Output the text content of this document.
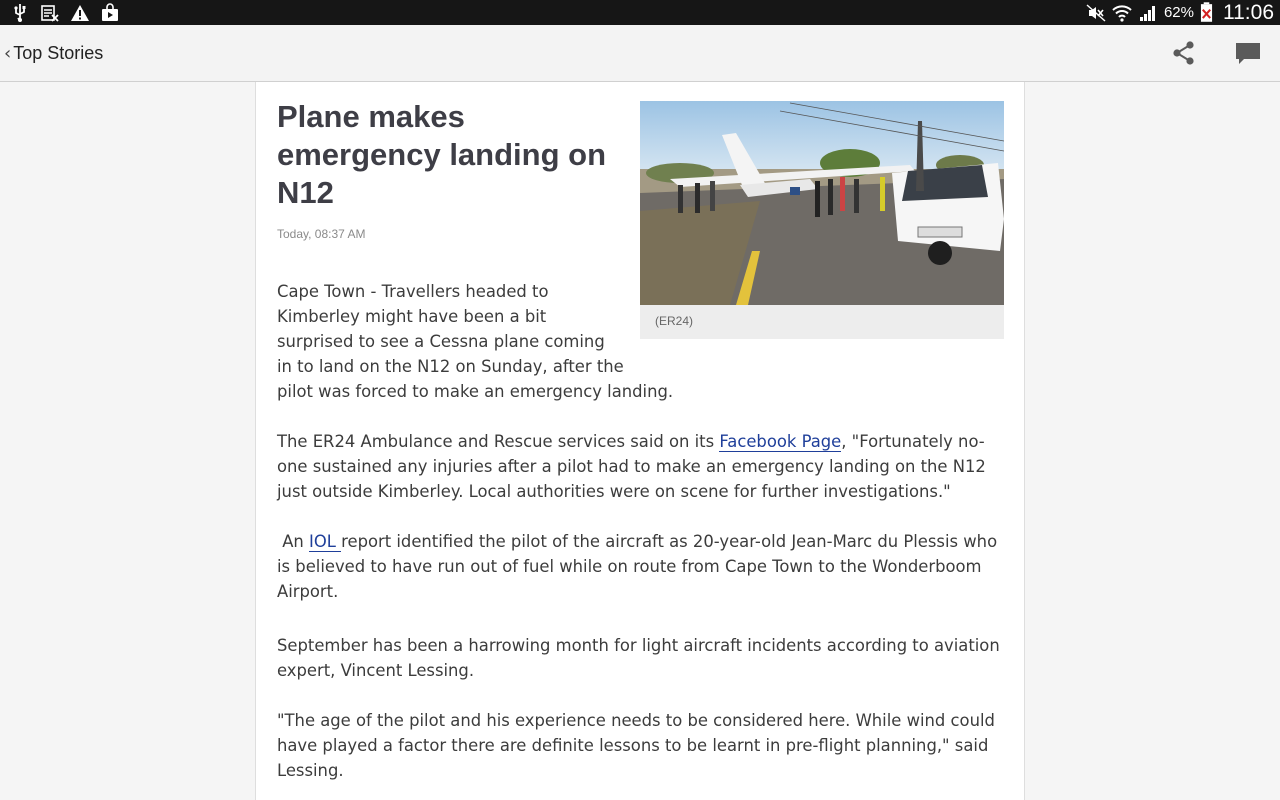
62% 11:06
‹ Top Stories
Plane makes emergency landing on N12
Today, 08:37 AM
(ER24)
Cape Town - Travellers headed to
Kimberley might have been a bit
surprised to see a Cessna plane coming
in to land on the N12 on Sunday, after the
pilot was forced to make an emergency landing.

The ER24 Ambulance and Rescue services said on its Facebook Page, "Fortunately no-one sustained any injuries after a pilot had to make an emergency landing on the N12 just outside Kimberley. Local authorities were on scene for further investigations."

An IOL report identified the pilot of the aircraft as 20-year-old Jean-Marc du Plessis who is believed to have run out of fuel while on route from Cape Town to the Wonderboom Airport.

September has been a harrowing month for light aircraft incidents according to aviation expert, Vincent Lessing.

"The age of the pilot and his experience needs to be considered here. While wind could have played a factor there are definite lessons to be learnt in pre-flight planning," said Lessing.
